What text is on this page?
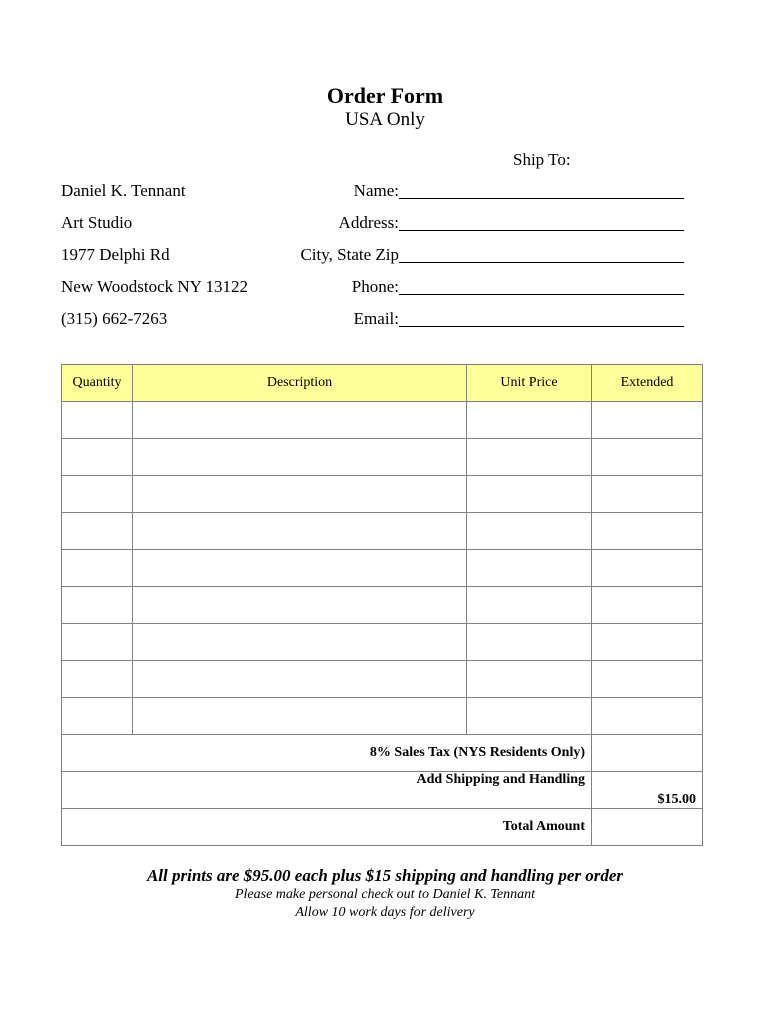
Order Form
USA Only
Ship To:
Daniel K. Tennant
Art Studio
1977 Delphi Rd
New Woodstock NY 13122
(315) 662-7263
Name:
Address:
City, State Zip
Phone:
Email:
Quantity	Description	Unit Price	Extended

8% Sales Tax (NYS Residents Only)			
Add Shipping and Handling			$15.00
Total Amount			
All prints are $95.00 each plus $15 shipping and handling per order
Please make personal check out to Daniel K. Tennant
Allow 10 work days for delivery
